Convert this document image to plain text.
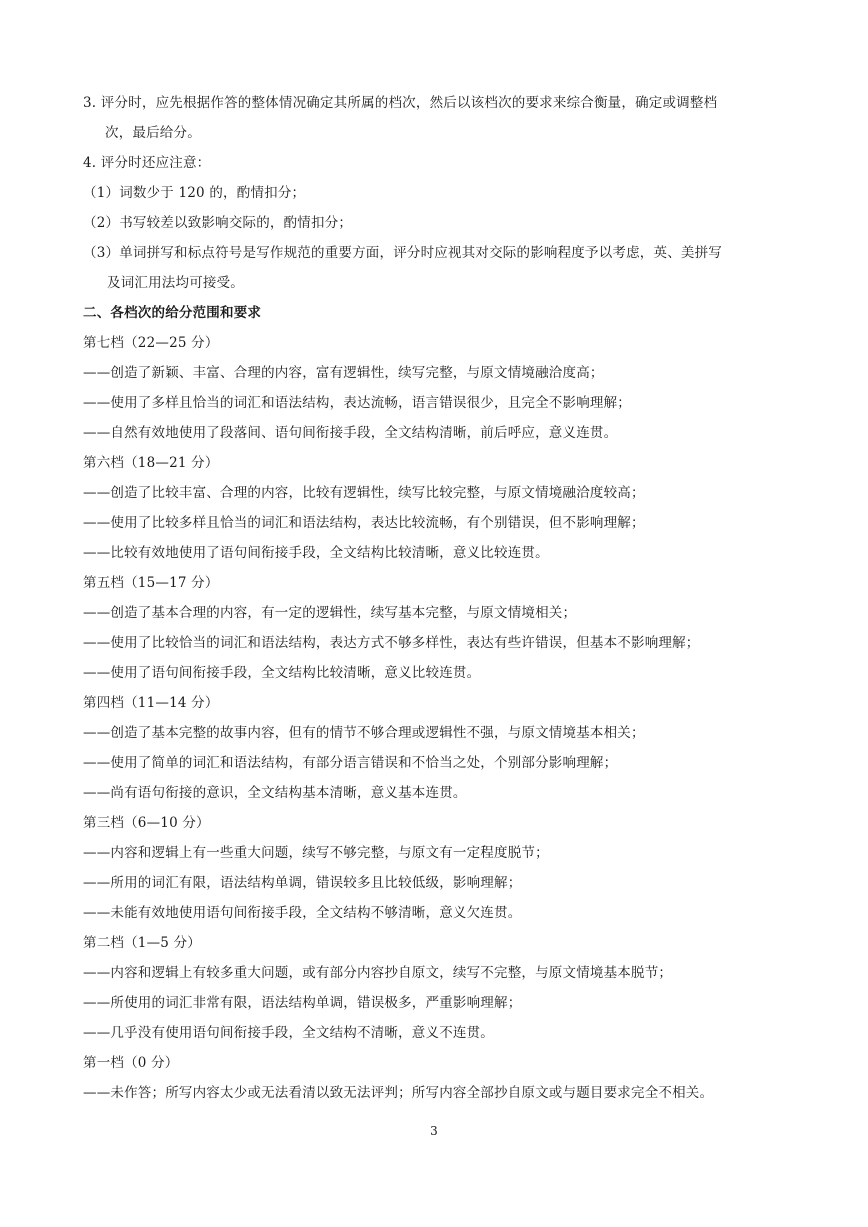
3. 评分时，应先根据作答的整体情况确定其所属的档次，然后以该档次的要求来综合衡量，确定或调整档
次，最后给分。
4. 评分时还应注意：
（1）词数少于 120 的，酌情扣分；
（2）书写较差以致影响交际的，酌情扣分；
（3）单词拼写和标点符号是写作规范的重要方面，评分时应视其对交际的影响程度予以考虑，英、美拼写
及词汇用法均可接受。
二、各档次的给分范围和要求
第七档（22—25 分）
——创造了新颖、丰富、合理的内容，富有逻辑性，续写完整，与原文情境融洽度高；
——使用了多样且恰当的词汇和语法结构，表达流畅，语言错误很少，且完全不影响理解；
——自然有效地使用了段落间、语句间衔接手段，全文结构清晰，前后呼应，意义连贯。
第六档（18—21 分）
——创造了比较丰富、合理的内容，比较有逻辑性，续写比较完整，与原文情境融洽度较高；
——使用了比较多样且恰当的词汇和语法结构，表达比较流畅，有个别错误，但不影响理解；
——比较有效地使用了语句间衔接手段，全文结构比较清晰，意义比较连贯。
第五档（15—17 分）
——创造了基本合理的内容，有一定的逻辑性，续写基本完整，与原文情境相关；
——使用了比较恰当的词汇和语法结构，表达方式不够多样性，表达有些许错误，但基本不影响理解；
——使用了语句间衔接手段，全文结构比较清晰，意义比较连贯。
第四档（11—14 分）
——创造了基本完整的故事内容，但有的情节不够合理或逻辑性不强，与原文情境基本相关；
——使用了简单的词汇和语法结构，有部分语言错误和不恰当之处，个别部分影响理解；
——尚有语句衔接的意识，全文结构基本清晰，意义基本连贯。
第三档（6—10 分）
——内容和逻辑上有一些重大问题，续写不够完整，与原文有一定程度脱节；
——所用的词汇有限，语法结构单调，错误较多且比较低级，影响理解；
——未能有效地使用语句间衔接手段，全文结构不够清晰，意义欠连贯。
第二档（1—5 分）
——内容和逻辑上有较多重大问题，或有部分内容抄自原文，续写不完整，与原文情境基本脱节；
——所使用的词汇非常有限，语法结构单调，错误极多，严重影响理解；
——几乎没有使用语句间衔接手段，全文结构不清晰，意义不连贯。
第一档（0 分）
——未作答；所写内容太少或无法看清以致无法评判；所写内容全部抄自原文或与题目要求完全不相关。
3
